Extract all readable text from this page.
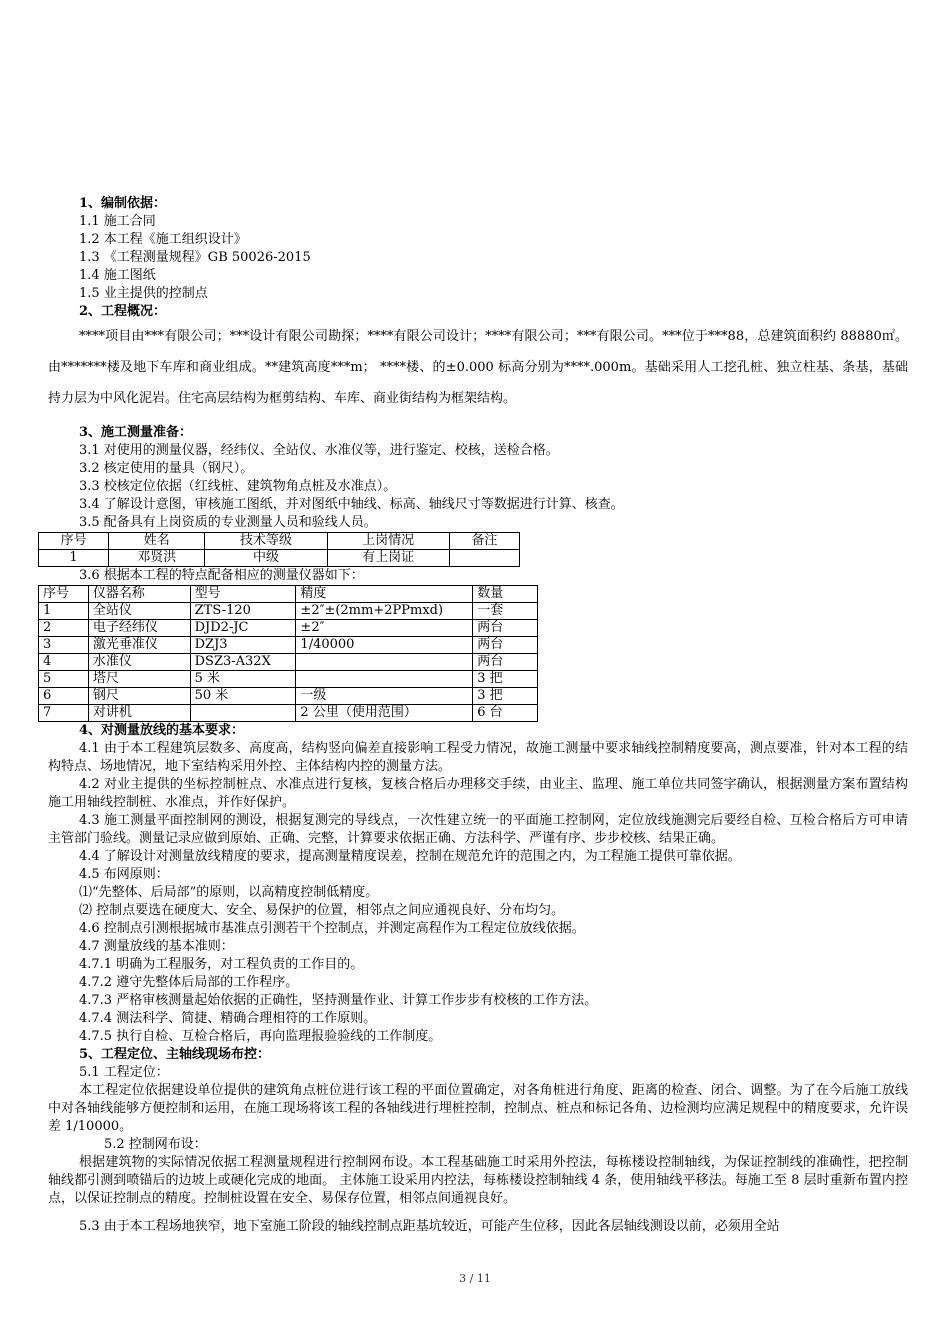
1、编制依据：
1.1 施工合同
1.2 本工程《施工组织设计》
1.3 《工程测量规程》GB 50026-2015
1.4 施工图纸
1.5 业主提供的控制点
2、工程概况：
****项目由***有限公司；***设计有限公司勘探；****有限公司设计；****有限公司；***有限公司。***位于***88，总建筑面积约 88880㎡。由*******楼及地下车库和商业组成。**建筑高度***m； ****楼、的±0.000 标高分别为****.000m。基础采用人工挖孔桩、独立柱基、条基，基础持力层为中风化泥岩。住宅高层结构为框剪结构、车库、商业街结构为框架结构。
3、施工测量准备：
3.1 对使用的测量仪器，经纬仪、全站仪、水准仪等，进行鉴定、校核，送检合格。
3.2 核定使用的量具（钢尺）。
3.3 校核定位依据（红线桩、建筑物角点桩及水准点）。
3.4 了解设计意图，审核施工图纸，并对图纸中轴线、标高、轴线尺寸等数据进行计算、核查。
3.5 配备具有上岗资质的专业测量人员和验线人员。
序号	姓名	技术等级	上岗情况	备注
1	邓贤洪	中级	有上岗证	
3.6 根据本工程的特点配备相应的测量仪器如下：
序号	仪器名称	型号	精度	数量
1	全站仪	ZTS-120	±2″±(2mm+2PPmxd)	一套
2	电子经纬仪	DJD2-JC	±2″	两台
3	激光垂准仪	DZJ3	1/40000	两台
4	水准仪	DSZ3-A32X		两台
5	塔尺	5 米		3 把
6	钢尺	50 米	一级	3 把
7	对讲机		2 公里（使用范围）	6 台
4、对测量放线的基本要求：
4.1 由于本工程建筑层数多、高度高，结构竖向偏差直接影响工程受力情况，故施工测量中要求轴线控制精度要高，测点要准，针对本工程的结构特点、场地情况，地下室结构采用外控、主体结构内控的测量方法。
4.2 对业主提供的坐标控制桩点、水准点进行复核，复核合格后办理移交手续，由业主、监理、施工单位共同签字确认，根据测量方案布置结构施工用轴线控制桩、水准点，并作好保护。
4.3 施工测量平面控制网的测设，根据复测完的导线点，一次性建立统一的平面施工控制网，定位放线施测完后要经自检、互检合格后方可申请主管部门验线。测量记录应做到原始、正确、完整，计算要求依据正确、方法科学、严谨有序、步步校核、结果正确。
4.4 了解设计对测量放线精度的要求，提高测量精度误差，控制在规范允许的范围之内，为工程施工提供可靠依据。
4.5 布网原则：
⑴“先整体、后局部”的原则，以高精度控制低精度。
⑵ 控制点要选在硬度大、安全、易保护的位置，相邻点之间应通视良好、分布均匀。
4.6 控制点引测根据城市基准点引测若干个控制点，并测定高程作为工程定位放线依据。
4.7 测量放线的基本准则：
4.7.1 明确为工程服务，对工程负责的工作目的。
4.7.2 遵守先整体后局部的工作程序。
4.7.3 严格审核测量起始依据的正确性，坚持测量作业、计算工作步步有校核的工作方法。
4.7.4 测法科学、简捷、精确合理相符的工作原则。
4.7.5 执行自检、互检合格后，再向监理报验验线的工作制度。
5、工程定位、主轴线现场布控：
5.1 工程定位：
本工程定位依据建设单位提供的建筑角点桩位进行该工程的平面位置确定，对各角桩进行角度、距离的检查、闭合、调整。为了在今后施工放线中对各轴线能够方便控制和运用，在施工现场将该工程的各轴线进行埋桩控制，控制点、桩点和标记各角、边检测均应满足规程中的精度要求，允许误差 1/10000。
5.2 控制网布设：
根据建筑物的实际情况依据工程测量规程进行控制网布设。本工程基础施工时采用外控法，每栋楼设控制轴线，为保证控制线的准确性，把控制轴线都引测到喷锚后的边坡上或硬化完成的地面。 主体施工设采用内控法，每栋楼设控制轴线 4 条，使用轴线平移法。每施工至 8 层时重新布置内控点，以保证控制点的精度。控制桩设置在安全、易保存位置，相邻点间通视良好。
5.3 由于本工程场地狭窄，地下室施工阶段的轴线控制点距基坑较近，可能产生位移，因此各层轴线测设以前，必须用全站
3 / 11
